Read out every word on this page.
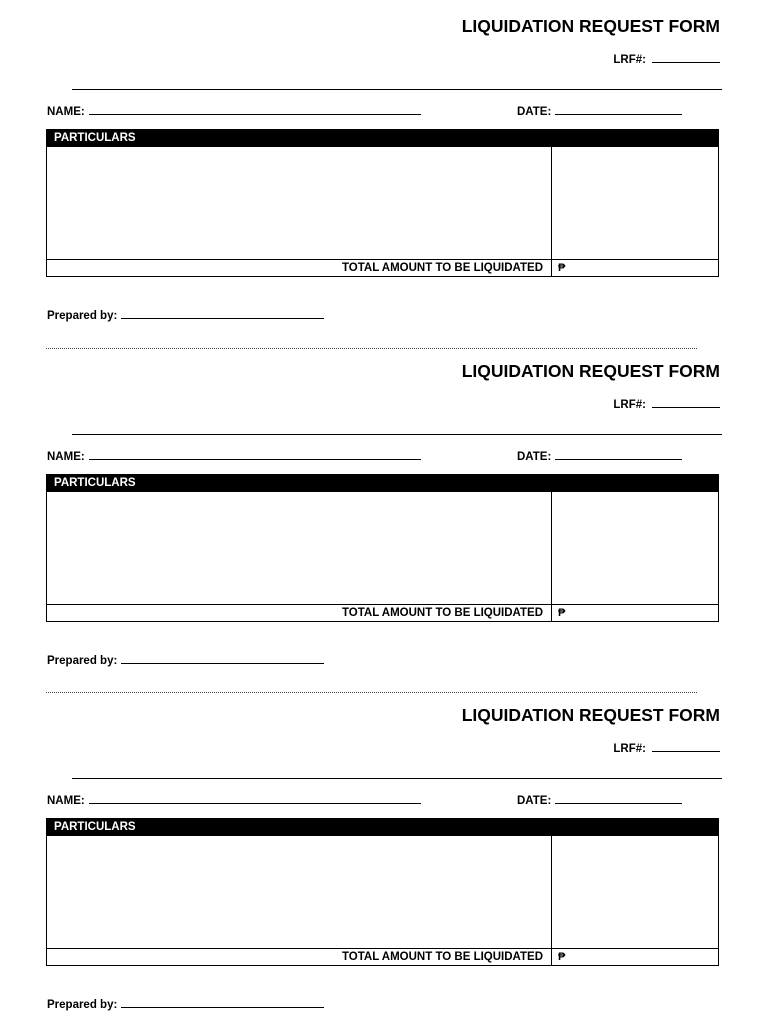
LIQUIDATION REQUEST FORM
LRF#:
NAME:	DATE:
PARTICULARS
TOTAL AMOUNT TO BE LIQUIDATED ₱
Prepared by:
LIQUIDATION REQUEST FORM
LRF#:
NAME:	DATE:
PARTICULARS
TOTAL AMOUNT TO BE LIQUIDATED ₱
Prepared by:
LIQUIDATION REQUEST FORM
LRF#:
NAME:	DATE:
PARTICULARS
TOTAL AMOUNT TO BE LIQUIDATED ₱
Prepared by:
